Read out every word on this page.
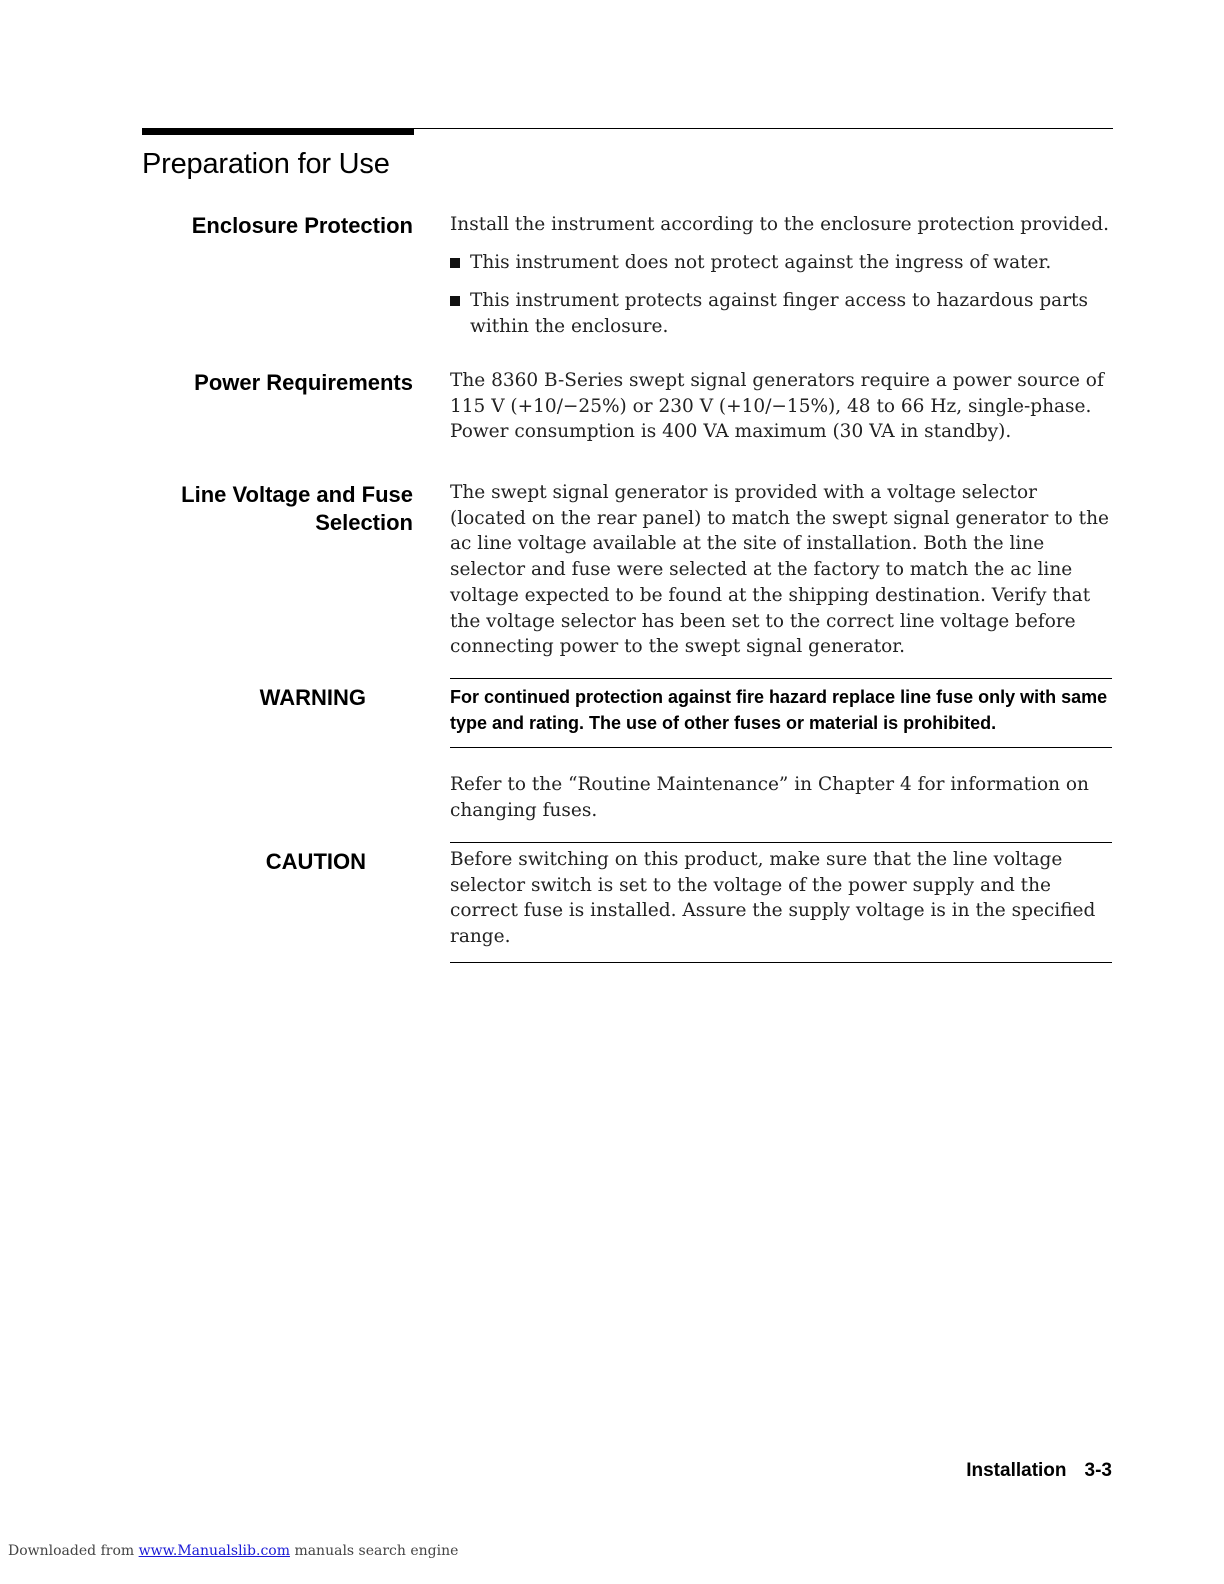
Preparation for Use
Enclosure Protection Install the instrument according to the enclosure protection provided.
This instrument does not protect against the ingress of water.
This instrument protects against finger access to hazardous parts within the enclosure.
Power Requirements The 8360 B-Series swept signal generators require a power source of 115 V (+10/−25%) or 230 V (+10/−15%), 48 to 66 Hz, single-phase. Power consumption is 400 VA maximum (30 VA in standby).
Line Voltage and Fuse
Selection
The swept signal generator is provided with a voltage selector (located on the rear panel) to match the swept signal generator to the ac line voltage available at the site of installation. Both the line selector and fuse were selected at the factory to match the ac line voltage expected to be found at the shipping destination. Verify that the voltage selector has been set to the correct line voltage before connecting power to the swept signal generator.
WARNING	For continued protection against fire hazard replace line fuse only with same type and rating. The use of other fuses or material is prohibited.
Refer to the “Routine Maintenance” in Chapter 4 for information on changing fuses.
CAUTION	Before switching on this product, make sure that the line voltage selector switch is set to the voltage of the power supply and the correct fuse is installed. Assure the supply voltage is in the specified range.
Installation 3-3
Downloaded from www.Manualslib.com manuals search engine
